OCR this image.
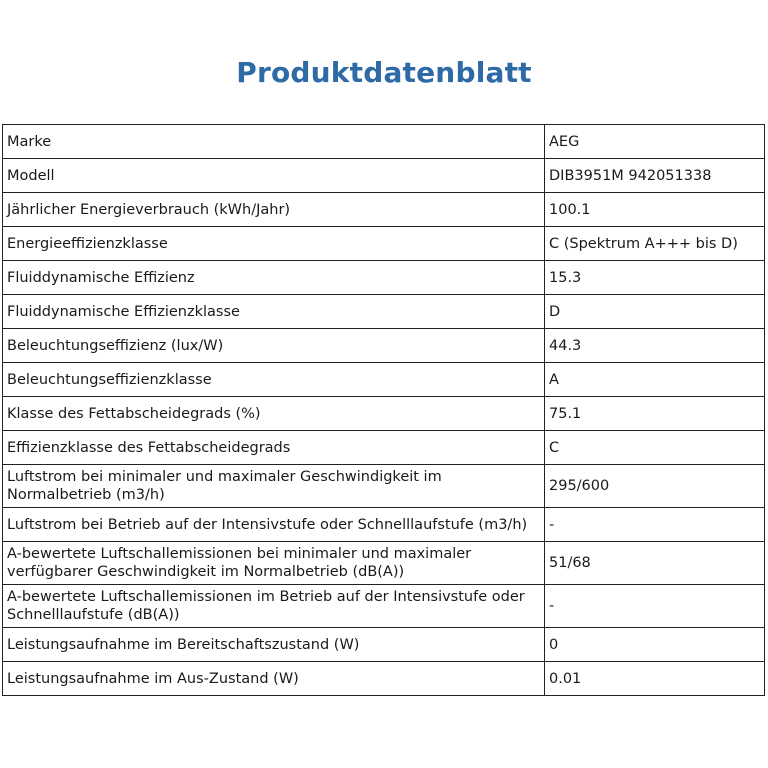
Produktdatenblatt
Marke	AEG
Modell	DIB3951M 942051338
Jährlicher Energieverbrauch (kWh/Jahr)	100.1
Energieeffizienzklasse	C (Spektrum A+++ bis D)
Fluiddynamische Effizienz	15.3
Fluiddynamische Effizienzklasse	D
Beleuchtungseffizienz (lux/W)	44.3
Beleuchtungseffizienzklasse	A
Klasse des Fettabscheidegrads (%)	75.1
Effizienzklasse des Fettabscheidegrads	C
Luftstrom bei minimaler und maximaler Geschwindigkeit im Normalbetrieb (m3/h)	295/600
Luftstrom bei Betrieb auf der Intensivstufe oder Schnelllaufstufe (m3/h)	-
A-bewertete Luftschallemissionen bei minimaler und maximaler verfügbarer Geschwindigkeit im Normalbetrieb (dB(A))	51/68
A-bewertete Luftschallemissionen im Betrieb auf der Intensivstufe oder Schnelllaufstufe (dB(A))	-
Leistungsaufnahme im Bereitschaftszustand (W)	0
Leistungsaufnahme im Aus-Zustand (W)	0.01
